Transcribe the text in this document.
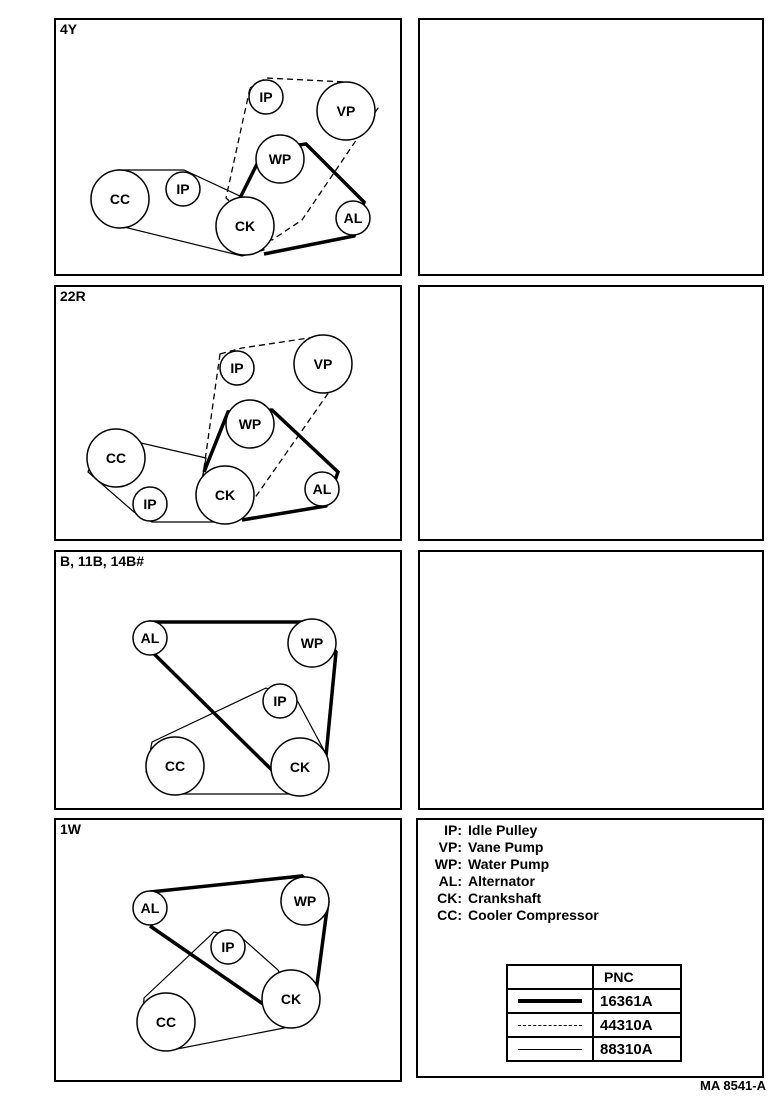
4Y
CC
IP
CK
IP
VP
WP
AL
22R
CC
IP
CK
IP	VP
WP
AL
B, 11B, 14B#
AL	WP
IP
CC	CK
1W
AL	WP
IP
CK
CC
IP: Idle Pulley
VP: Vane Pump
WP: Water Pump
AL: Alternator
CK: Crankshaft
CC: Cooler Compressor
	PNC

	16361A

	44310A

	88310A
MA 8541-A
